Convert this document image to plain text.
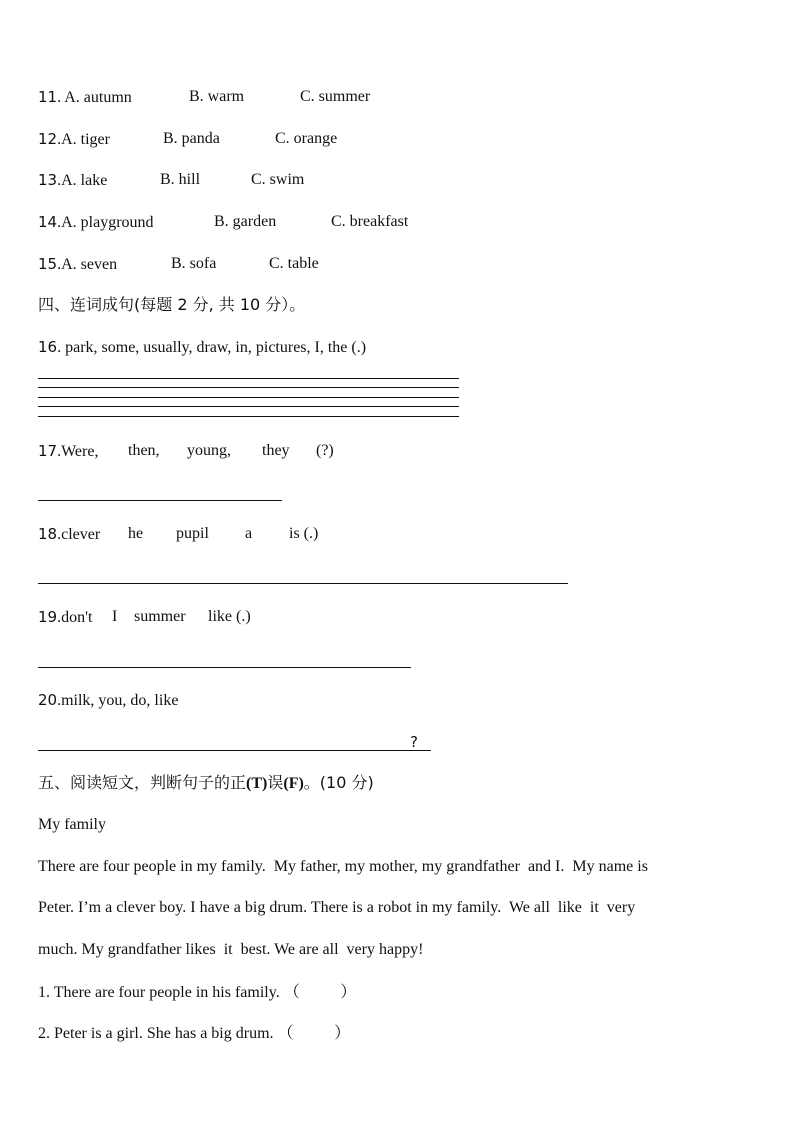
11. A. autumn	B. warm	C. summer
12.A. tiger	B. panda	C. orange
13.A. lake	B. hill	C. swim
14.A. playground	B. garden	C. breakfast
15.A. seven	B. sofa	C. table
四、连词成句(每题 2 分, 共 10 分）。
16. park, some, usually, draw, in, pictures, I, the (.)
17.Were, then, young, they (?)
18.clever he pupil a is (.)
19.don't I summer like (.)
20.milk, you, do, like
?
五、阅读短文，判断句子的正(T)误(F)。(10 分)
My family
There are four people in my family.  My father, my mother, my grandfather  and I.  My name is
Peter. I’m a clever boy. I have a big drum. There is a robot in my family.  We all  like  it  very
much. My grandfather likes  it  best. We are all  very happy!
1. There are four people in his family. （        ）
2. Peter is a girl. She has a big drum. （        ）
